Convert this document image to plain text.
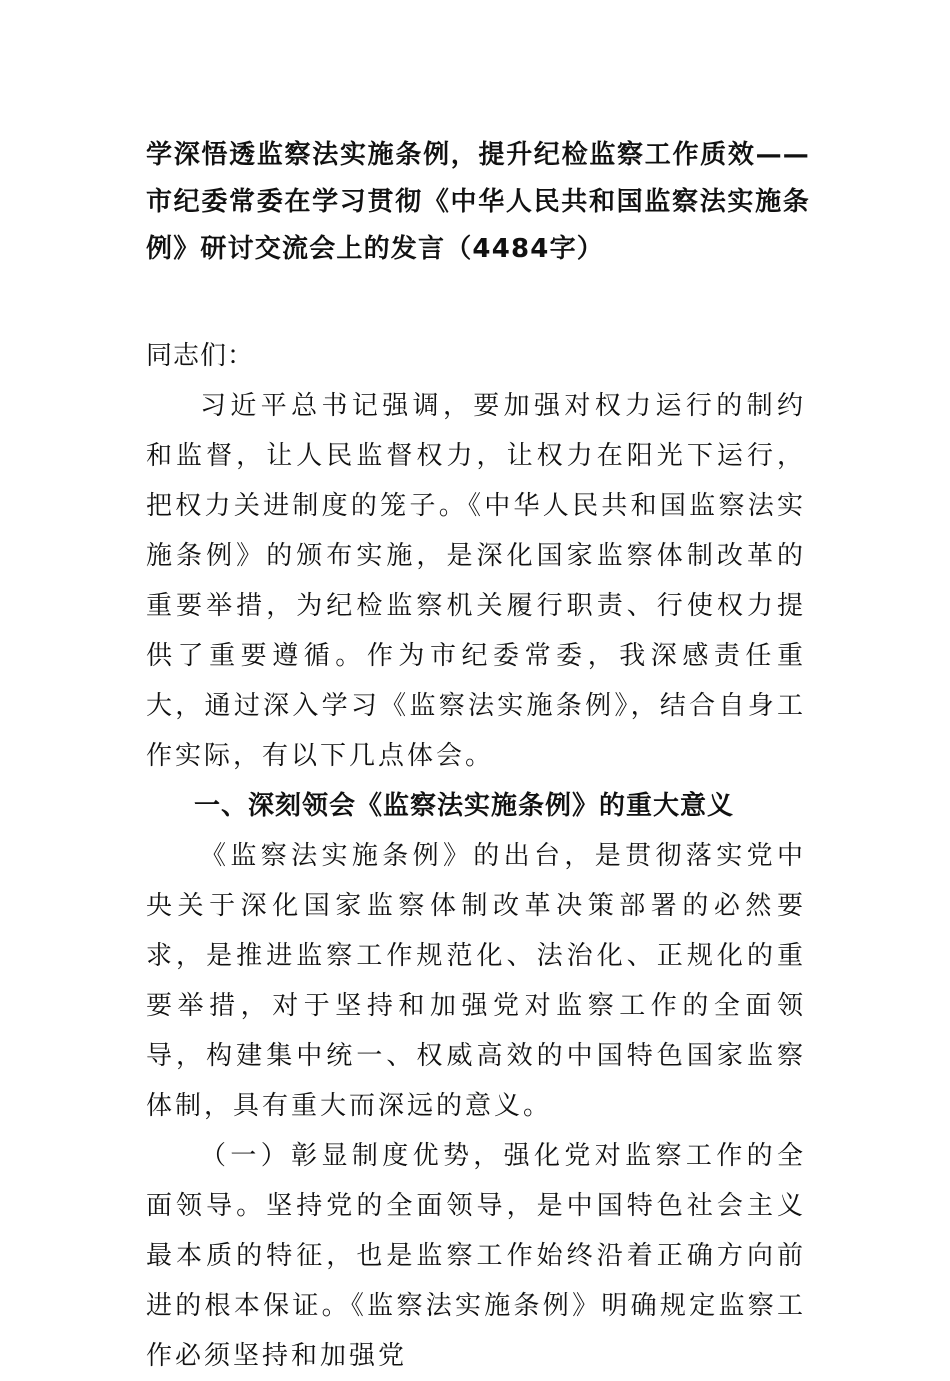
学深悟透监察法实施条例，提升纪检监察工作质效——市纪委常委在学习贯彻《中华人民共和国监察法实施条例》研讨交流会上的发言（4484字）

同志们：

习近平总书记强调，要加强对权力运行的制约和监督，让人民监督权力，让权力在阳光下运行，把权力关进制度的笼子。《中华人民共和国监察法实施条例》的颁布实施，是深化国家监察体制改革的重要举措，为纪检监察机关履行职责、行使权力提供了重要遵循。作为市纪委常委，我深感责任重大，通过深入学习《监察法实施条例》，结合自身工作实际，有以下几点体会。

一、深刻领会《监察法实施条例》的重大意义

《监察法实施条例》的出台，是贯彻落实党中央关于深化国家监察体制改革决策部署的必然要求，是推进监察工作规范化、法治化、正规化的重要举措，对于坚持和加强党对监察工作的全面领导，构建集中统一、权威高效的中国特色国家监察体制，具有重大而深远的意义。

（一）彰显制度优势，强化党对监察工作的全面领导。坚持党的全面领导，是中国特色社会主义最本质的特征，也是监察工作始终沿着正确方向前进的根本保证。《监察法实施条例》明确规定监察工作必须坚持和加强党
